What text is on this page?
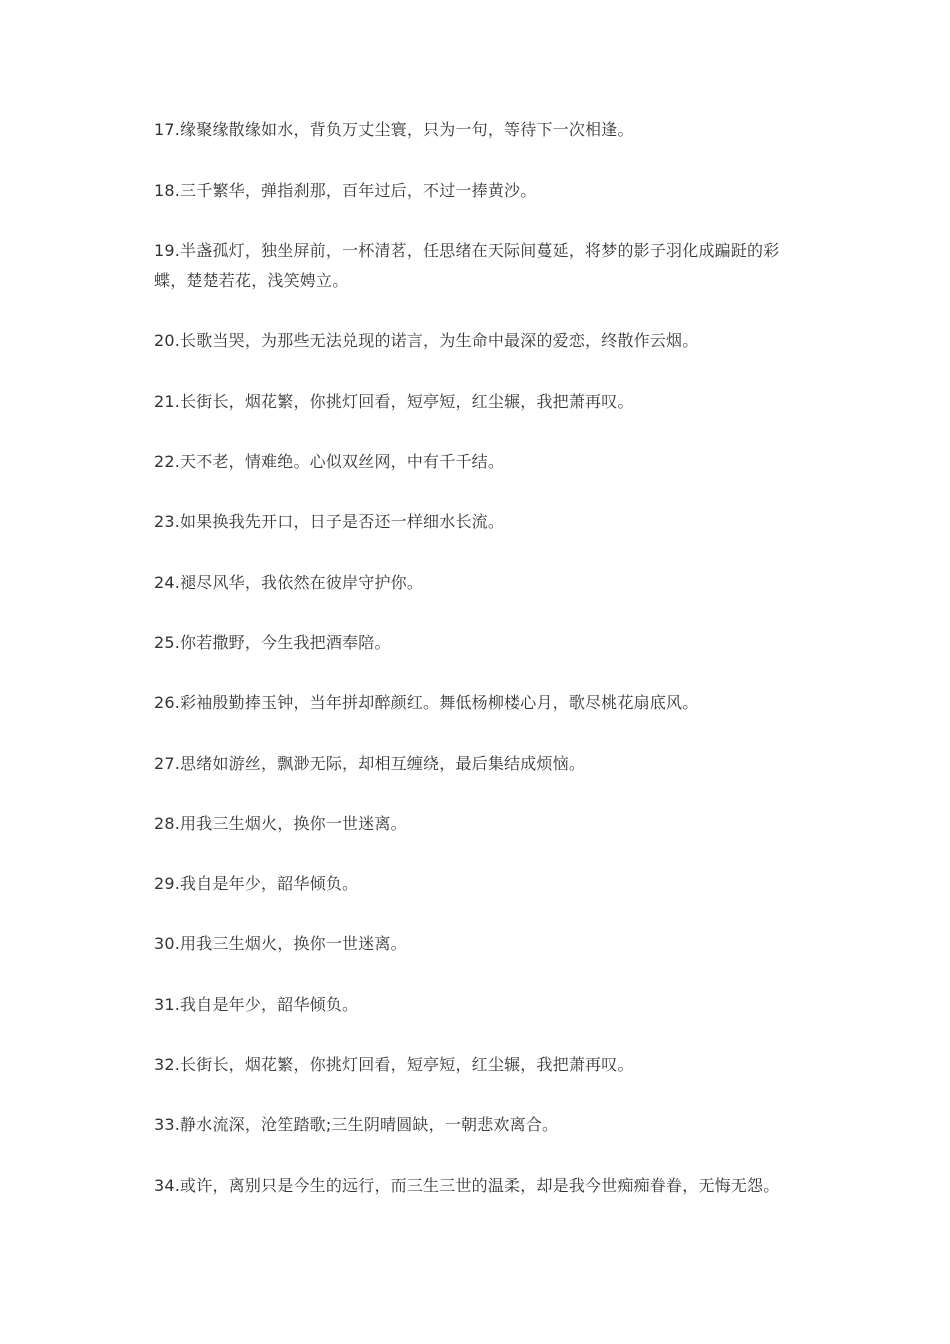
17.缘聚缘散缘如水，背负万丈尘寰，只为一句，等待下一次相逢。
18.三千繁华，弹指刹那，百年过后，不过一捧黄沙。
19.半盏孤灯，独坐屏前，一杯清茗，任思绪在天际间蔓延，将梦的影子羽化成蹁跹的彩蝶，楚楚若花，浅笑娉立。
20.长歌当哭，为那些无法兑现的诺言，为生命中最深的爱恋，终散作云烟。
21.长街长，烟花繁，你挑灯回看，短亭短，红尘辗，我把萧再叹。
22.天不老，情难绝。心似双丝网，中有千千结。
23.如果换我先开口，日子是否还一样细水长流。
24.褪尽风华，我依然在彼岸守护你。
25.你若撒野，今生我把酒奉陪。
26.彩袖殷勤捧玉钟，当年拼却醉颜红。舞低杨柳楼心月，歌尽桃花扇底风。
27.思绪如游丝，飘渺无际，却相互缠绕，最后集结成烦恼。
28.用我三生烟火，换你一世迷离。
29.我自是年少，韶华倾负。
30.用我三生烟火，换你一世迷离。
31.我自是年少，韶华倾负。
32.长街长，烟花繁，你挑灯回看，短亭短，红尘辗，我把萧再叹。
33.静水流深，沧笙踏歌;三生阴晴圆缺，一朝悲欢离合。
34.或许，离别只是今生的远行，而三生三世的温柔，却是我今世痴痴眷眷，无悔无怨。
